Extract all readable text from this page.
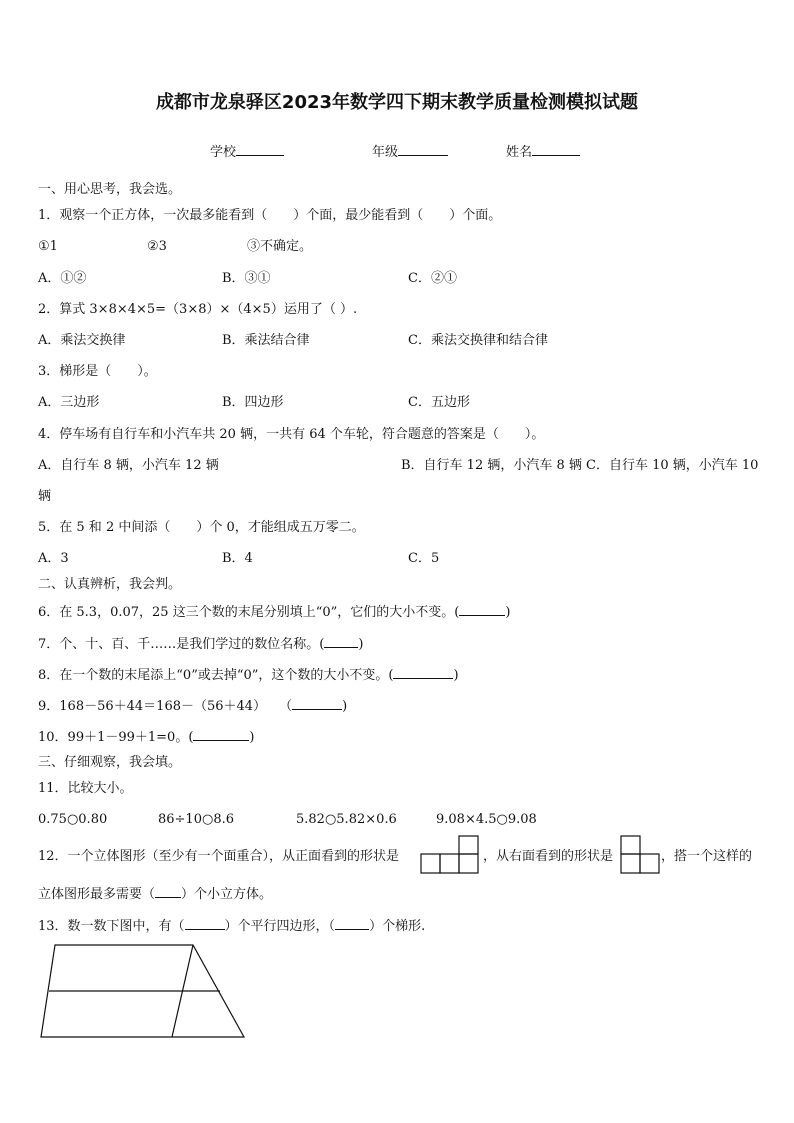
成都市龙泉驿区2023年数学四下期末教学质量检测模拟试题
学校	年级	姓名
一、用心思考，我会选。
1．观察一个正方体，一次最多能看到（　　）个面，最少能看到（　　）个面。
①1	②3	③不确定。
A．①②	B．③①	C．②①
2．算式 3×8×4×5=（3×8）×（4×5）运用了（ ）.
A．乘法交换律	B．乘法结合律	C．乘法交换律和结合律
3．梯形是（　　）。
A．三边形	B．四边形	C．五边形
4．停车场有自行车和小汽车共 20 辆，一共有 64 个车轮，符合题意的答案是（　　）。
A．自行车 8 辆，小汽车 12 辆	B．自行车 12 辆，小汽车 8 辆 C．自行车 10 辆，小汽车 10
辆
5．在 5 和 2 中间添（　　）个 0，才能组成五万零二。
A．3	B．4	C．5
二、认真辨析，我会判。
6．在 5.3，0.07，25 这三个数的末尾分别填上“0”，它们的大小不变。(	)
7．个、十、百、千……是我们学过的数位名称。(	)
8．在一个数的末尾添上“0”或去掉“0”，这个数的大小不变。(	)
9．168－56＋44＝168－（56＋44）　　（	)
10．99＋1－99＋1=0。(	)
三、仔细观察，我会填。
11．比较大小。
0.75○0.80	86÷10○8.6	5.82○5.82×0.6	9.08×4.5○9.08
12．一个立体图形（至少有一个面重合），从正面看到的形状是	，从右面看到的形状是	，搭一个这样的
立体图形最多需要（ ）个小立方体。
13．数一数下图中，有（	）个平行四边形，（	）个梯形.
